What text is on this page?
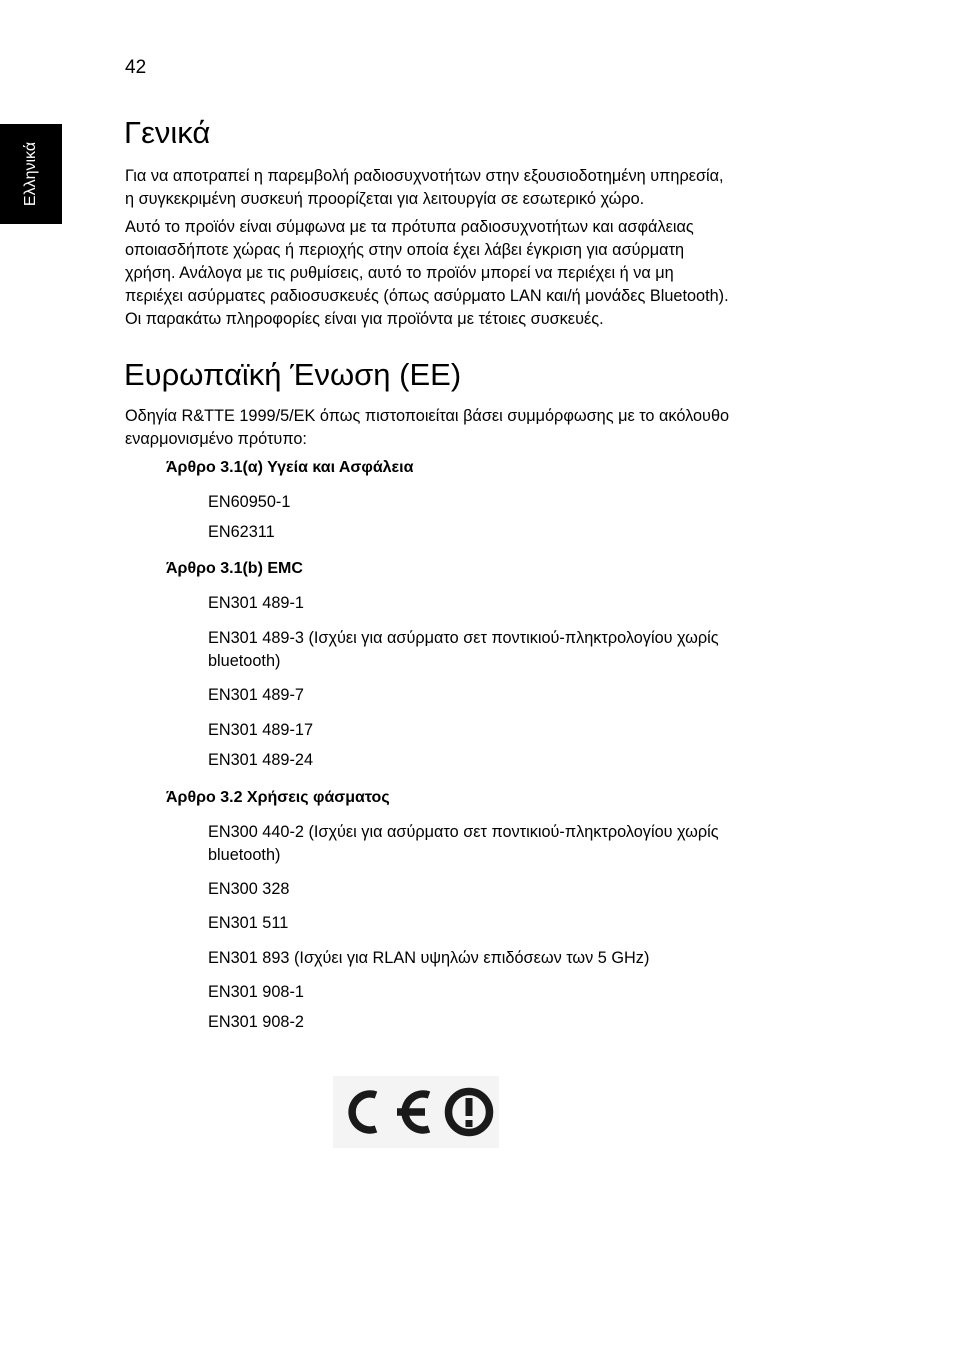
42
Ελληνικά
Γενικά
Για να αποτραπεί η παρεμβολή ραδιοσυχνοτήτων στην εξουσιοδοτημένη υπηρεσία,
η συγκεκριμένη συσκευή προορίζεται για λειτουργία σε εσωτερικό χώρο.
Αυτό το προϊόν είναι σύμφωνα με τα πρότυπα ραδιοσυχνοτήτων και ασφάλειας
οποιασδήποτε χώρας ή περιοχής στην οποία έχει λάβει έγκριση για ασύρματη
χρήση. Ανάλογα με τις ρυθμίσεις, αυτό το προϊόν μπορεί να περιέχει ή να μη
περιέχει ασύρματες ραδιοσυσκευές (όπως ασύρματο LAN και/ή μονάδες Bluetooth).
Οι παρακάτω πληροφορίες είναι για προϊόντα με τέτοιες συσκευές.
Ευρωπαϊκή Ένωση (ΕΕ)
Οδηγία R&TTE 1999/5/ΕΚ όπως πιστοποιείται βάσει συμμόρφωσης με το ακόλουθο
εναρμονισμένο πρότυπο:
Άρθρο 3.1(α) Υγεία και Ασφάλεια
EN60950-1
EN62311
Άρθρο 3.1(b) EMC
EN301 489-1
EN301 489-3 (Ισχύει για ασύρματο σετ ποντικιού-πληκτρολογίου χωρίς
bluetooth)
EN301 489-7
EN301 489-17
EN301 489-24
Άρθρο 3.2 Χρήσεις φάσματος
EN300 440-2 (Ισχύει για ασύρματο σετ ποντικιού-πληκτρολογίου χωρίς
bluetooth)
EN300 328
EN301 511
EN301 893 (Ισχύει για RLAN υψηλών επιδόσεων των 5 GHz)
EN301 908-1
EN301 908-2
